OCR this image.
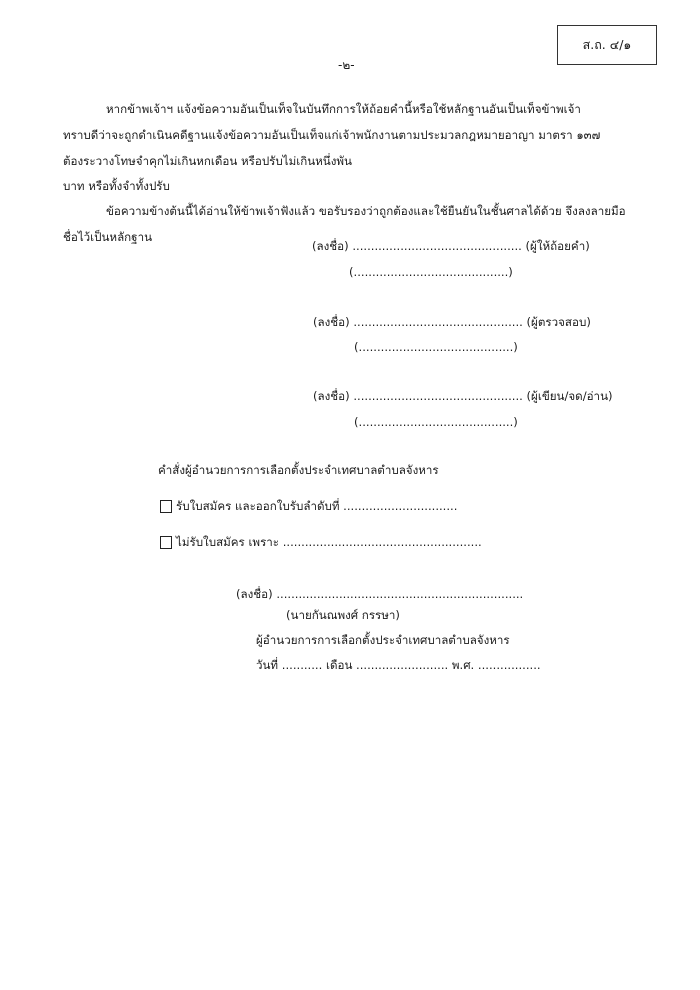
ส.ถ. ๔/๑
-๒-
หากข้าพเจ้าฯ แจ้งข้อความอันเป็นเท็จในบันทึกการให้ถ้อยคำนี้หรือใช้หลักฐานอันเป็นเท็จข้าพเจ้า
ทราบดีว่าจะถูกดำเนินคดีฐานแจ้งข้อความอันเป็นเท็จแก่เจ้าพนักงานตามประมวลกฎหมายอาญา มาตรา ๑๓๗
ต้องระวางโทษจำคุกไม่เกินหกเดือน หรือปรับไม่เกินหนึ่งพัน
บาท หรือทั้งจำทั้งปรับ
ข้อความข้างต้นนี้ได้อ่านให้ข้าพเจ้าฟังแล้ว ขอรับรองว่าถูกต้องและใช้ยืนยันในชั้นศาลได้ด้วย จึงลงลายมือ
ชื่อไว้เป็นหลักฐาน
(ลงชื่อ) .............................................. (ผู้ให้ถ้อยคำ)
(..........................................)
(ลงชื่อ) .............................................. (ผู้ตรวจสอบ)
(..........................................)
(ลงชื่อ) .............................................. (ผู้เขียน/จด/อ่าน)
(..........................................)
คำสั่งผู้อำนวยการการเลือกตั้งประจำเทศบาลตำบลจังหาร
รับใบสมัคร และออกใบรับลำดับที่ ...............................
ไม่รับใบสมัคร เพราะ ......................................................
(ลงชื่อ) ...................................................................
(นายกันณพงศ์ กรรษา)
ผู้อำนวยการการเลือกตั้งประจำเทศบาลตำบลจังหาร
วันที่ ........... เดือน ......................... พ.ศ. .................
